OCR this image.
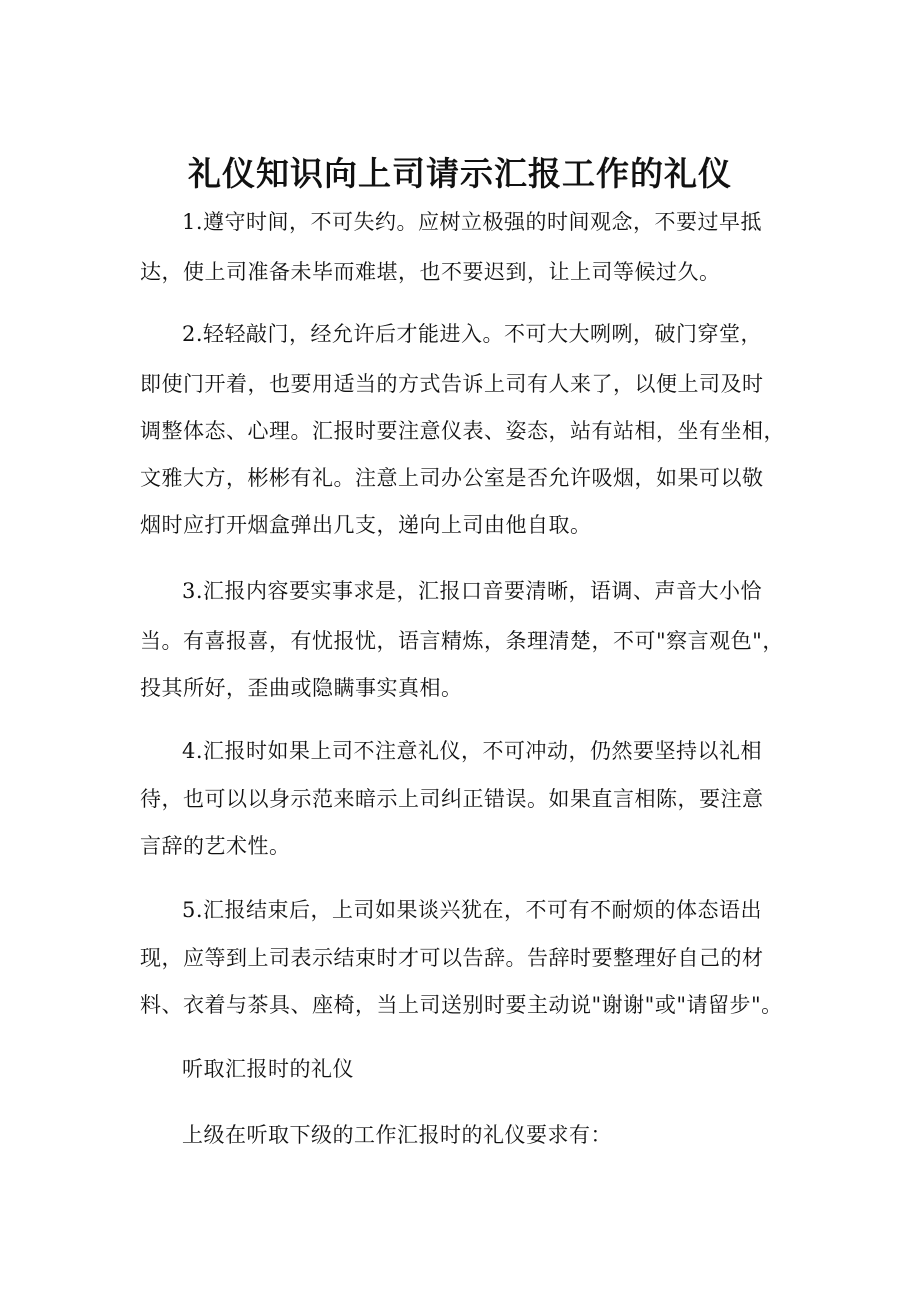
礼仪知识向上司请示汇报工作的礼仪
1.遵守时间，不可失约。应树立极强的时间观念，不要过早抵
达，使上司准备未毕而难堪，也不要迟到，让上司等候过久。
2.轻轻敲门，经允许后才能进入。不可大大咧咧，破门穿堂，
即使门开着，也要用适当的方式告诉上司有人来了，以便上司及时
调整体态、心理。汇报时要注意仪表、姿态，站有站相，坐有坐相，
文雅大方，彬彬有礼。注意上司办公室是否允许吸烟，如果可以敬
烟时应打开烟盒弹出几支，递向上司由他自取。
3.汇报内容要实事求是，汇报口音要清晰，语调、声音大小恰
当。有喜报喜，有忧报忧，语言精炼，条理清楚，不可"察言观色"，
投其所好，歪曲或隐瞒事实真相。
4.汇报时如果上司不注意礼仪，不可冲动，仍然要坚持以礼相
待，也可以以身示范来暗示上司纠正错误。如果直言相陈，要注意
言辞的艺术性。
5.汇报结束后，上司如果谈兴犹在，不可有不耐烦的体态语出
现，应等到上司表示结束时才可以告辞。告辞时要整理好自己的材
料、衣着与茶具、座椅，当上司送别时要主动说"谢谢"或"请留步"。
听取汇报时的礼仪
上级在听取下级的工作汇报时的礼仪要求有：
